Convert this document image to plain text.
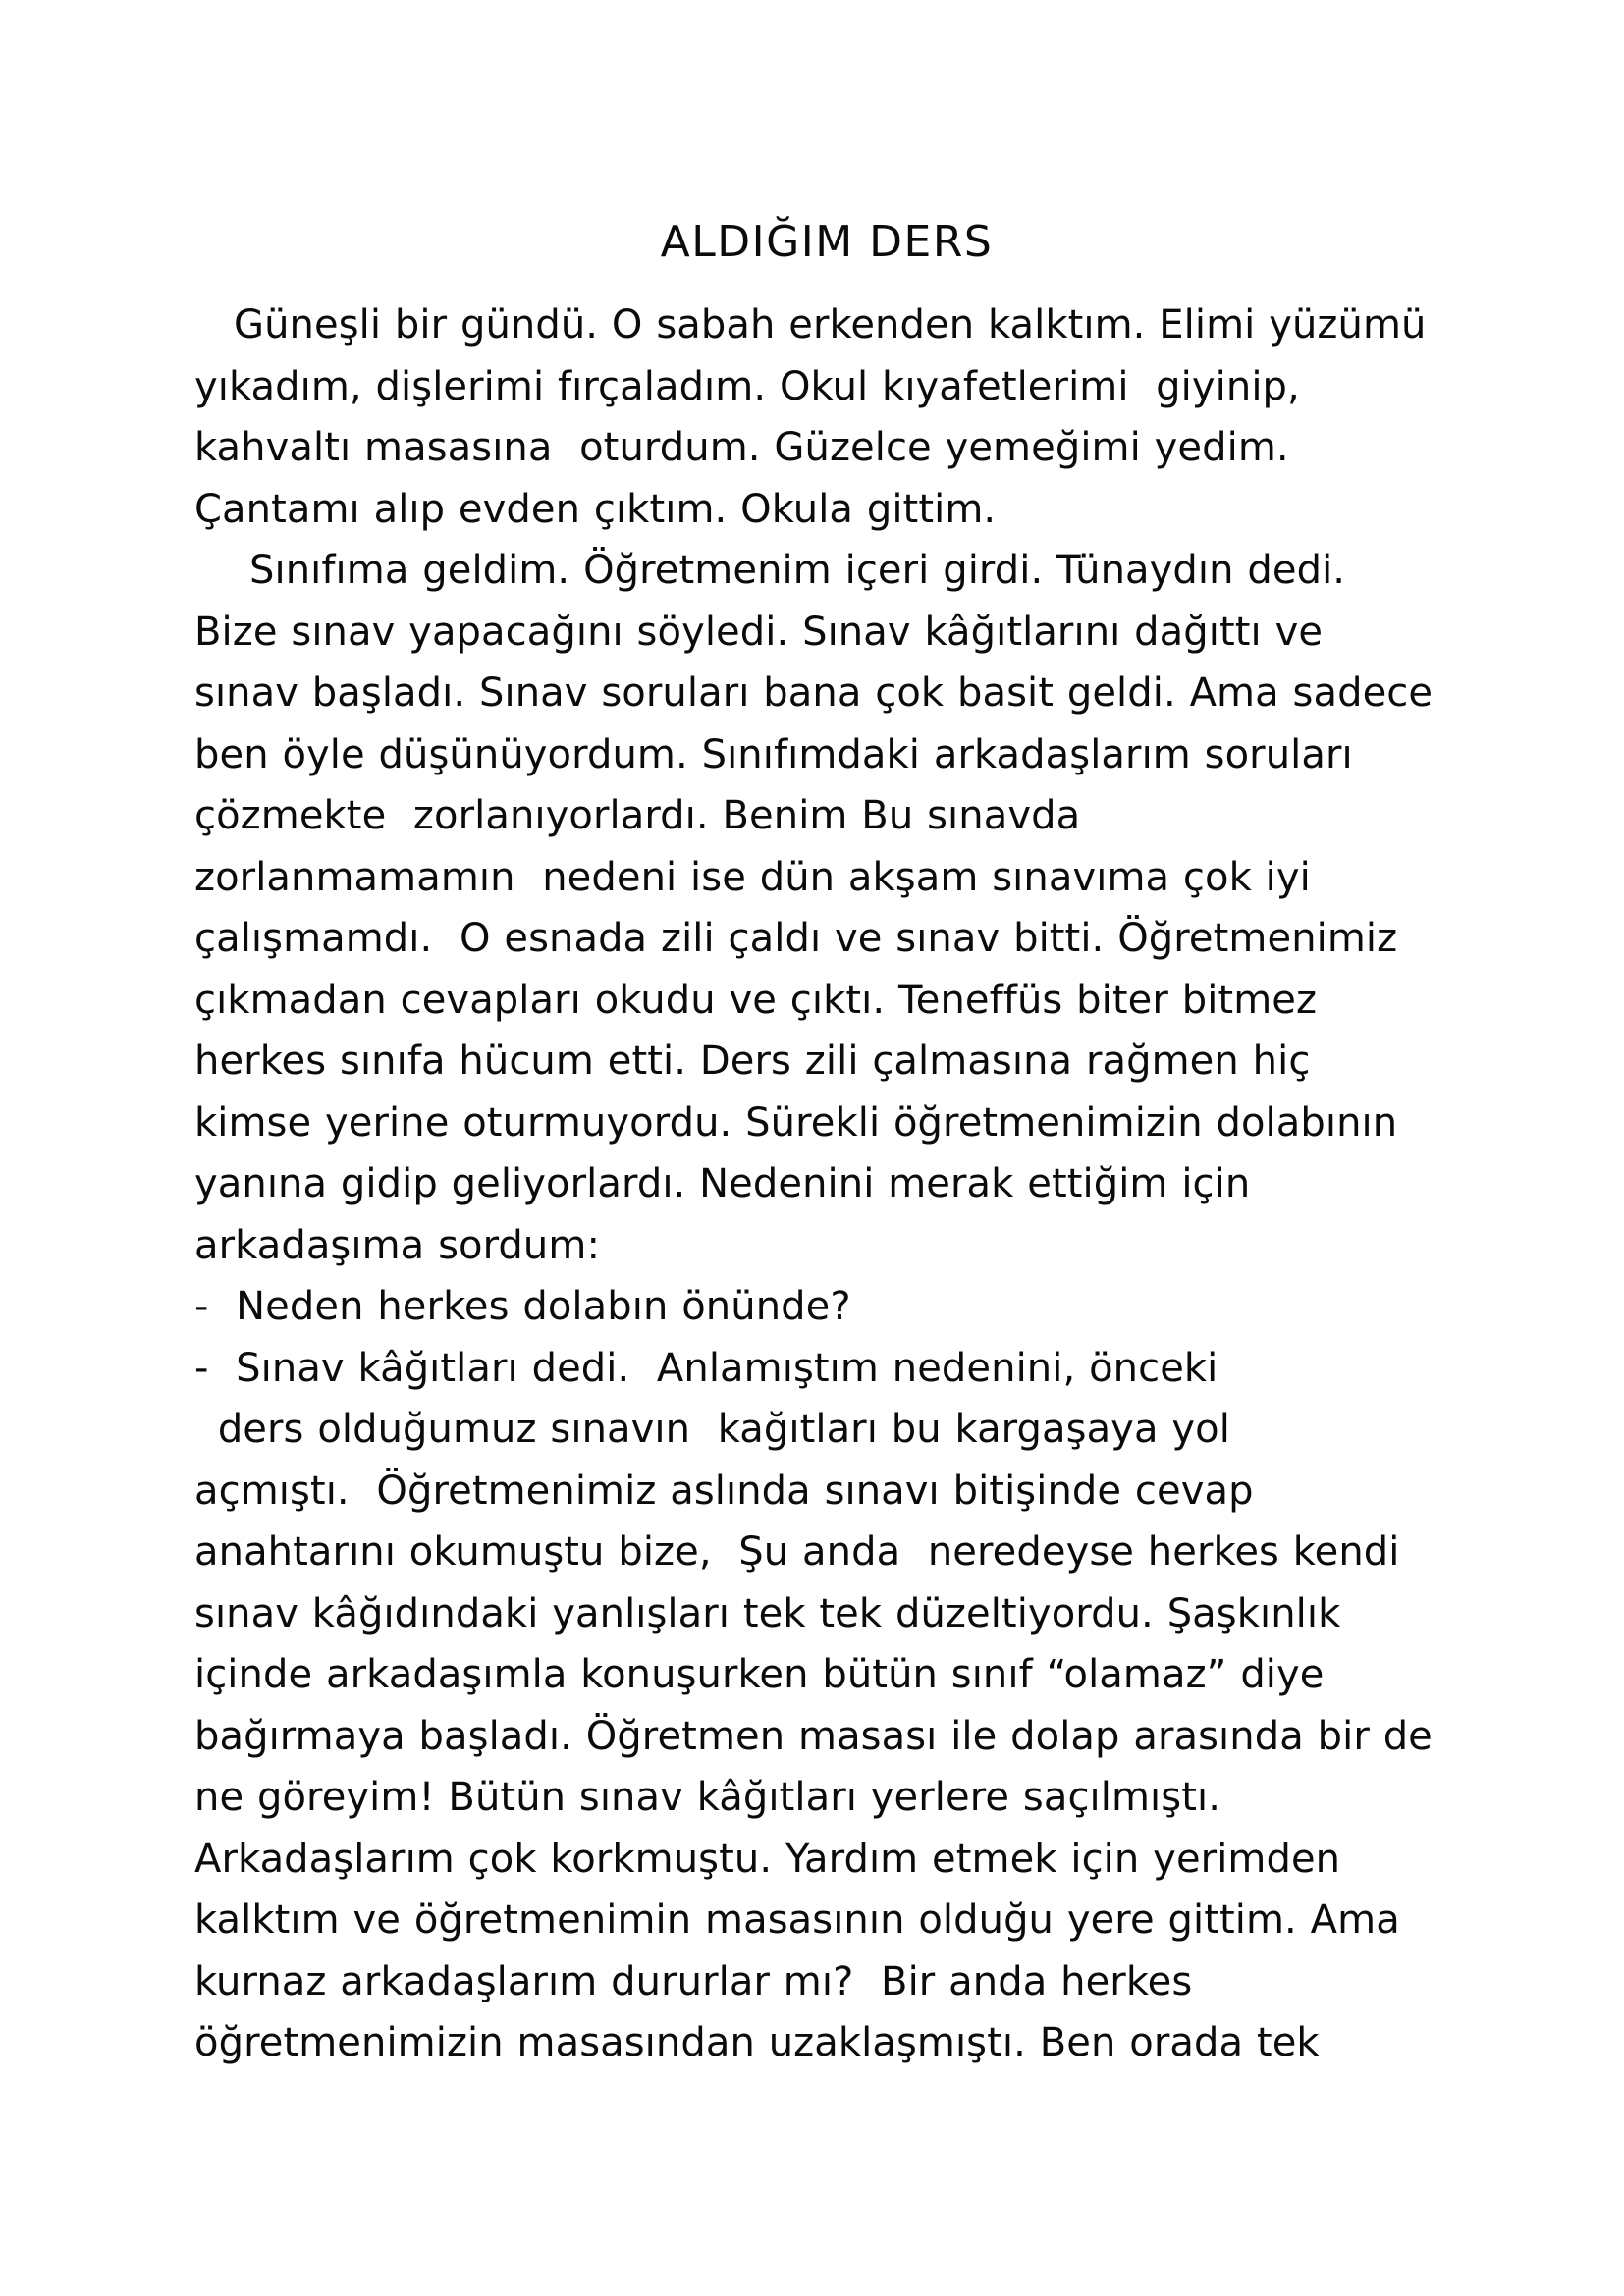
ALDIĞIM DERS
Güneşli bir gündü. O sabah erkenden kalktım. Elimi yüzümü
yıkadım, dişlerimi fırçaladım. Okul kıyafetlerimi  giyinip,
kahvaltı masasına  oturdum. Güzelce yemeğimi yedim.
Çantamı alıp evden çıktım. Okula gittim.
Sınıfıma geldim. Öğretmenim içeri girdi. Tünaydın dedi.
Bize sınav yapacağını söyledi. Sınav kâğıtlarını dağıttı ve
sınav başladı. Sınav soruları bana çok basit geldi. Ama sadece
ben öyle düşünüyordum. Sınıfımdaki arkadaşlarım soruları
çözmekte  zorlanıyorlardı. Benim Bu sınavda
zorlanmamamın  nedeni ise dün akşam sınavıma çok iyi
çalışmamdı.  O esnada zili çaldı ve sınav bitti. Öğretmenimiz
çıkmadan cevapları okudu ve çıktı. Teneffüs biter bitmez
herkes sınıfa hücum etti. Ders zili çalmasına rağmen hiç
kimse yerine oturmuyordu. Sürekli öğretmenimizin dolabının
yanına gidip geliyorlardı. Nedenini merak ettiğim için
arkadaşıma sordum:
-  Neden herkes dolabın önünde?
-  Sınav kâğıtları dedi.  Anlamıştım nedenini, önceki
ders olduğumuz sınavın  kağıtları bu kargaşaya yol
açmıştı.  Öğretmenimiz aslında sınavı bitişinde cevap
anahtarını okumuştu bize,  Şu anda  neredeyse herkes kendi
sınav kâğıdındaki yanlışları tek tek düzeltiyordu. Şaşkınlık
içinde arkadaşımla konuşurken bütün sınıf “olamaz” diye
bağırmaya başladı. Öğretmen masası ile dolap arasında bir de
ne göreyim! Bütün sınav kâğıtları yerlere saçılmıştı.
Arkadaşlarım çok korkmuştu. Yardım etmek için yerimden
kalktım ve öğretmenimin masasının olduğu yere gittim. Ama
kurnaz arkadaşlarım dururlar mı?  Bir anda herkes
öğretmenimizin masasından uzaklaşmıştı. Ben orada tek
